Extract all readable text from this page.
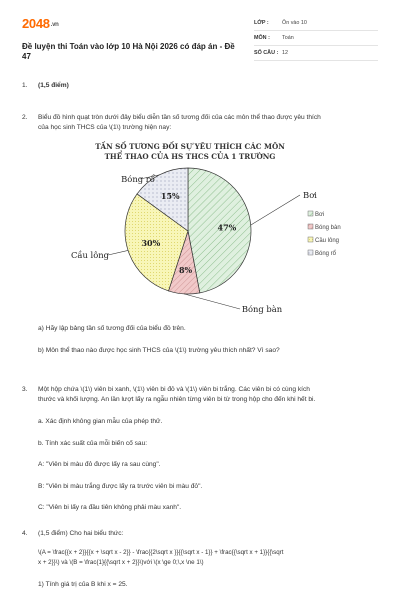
2048.vn
Đề luyện thi Toán vào lớp 10 Hà Nội 2026 có đáp án - Đề 47
LỚP :	Ôn vào 10
MÔN :	Toán
SỐ CÂU : 12
1.	(1,5 điểm)
2.	Biểu đồ hình quạt tròn dưới đây biểu diễn tần số tương đối của các môn thể thao được yêu thích
của học sinh THCS của \(1\) trường hiện nay:
TẦN SỐ TƯƠNG ĐỐI SỰ YÊU THÍCH CÁC MÔN
THỂ THAO CỦA HS THCS CỦA 1 TRƯỜNG
47%
8%
30%
15%	Bơi
Bóng bàn
Cầu lông
Bóng rổ
Bơi
Bóng bàn
Cầu lông
Bóng rổ
a) Hãy lập bảng tần số tương đối của biểu đồ trên.
b) Môn thể thao nào được học sinh THCS của \(1\) trường yêu thích nhất? Vì sao?
3.	Một hộp chứa \(1\) viên bi xanh, \(1\) viên bi đỏ và \(1\) viên bi trắng. Các viên bi có cùng kích
thước và khối lượng. An lần lượt lấy ra ngẫu nhiên từng viên bi từ trong hộp cho đến khi hết bi.
a. Xác định không gian mẫu của phép thử.
b. Tính xác suất của mỗi biến cố sau:
A: "Viên bi màu đỏ được lấy ra sau cùng".
B: "Viên bi màu trắng được lấy ra trước viên bi màu đỏ".
C: "Viên bi lấy ra đầu tiên không phải màu xanh".
4.	(1,5 điểm) Cho hai biểu thức:
\(A = \frac{{x + 2}}{{x + \sqrt x - 2}} - \frac{{2\sqrt x }}{{\sqrt x - 1}} + \frac{{\sqrt x + 1}}{{\sqrt
x + 2}}\) và \(B = \frac{1}{{\sqrt x + 2}}\)với \(x \ge 0;\,x \ne 1\)
1) Tính giá trị của B khi x = 25.
